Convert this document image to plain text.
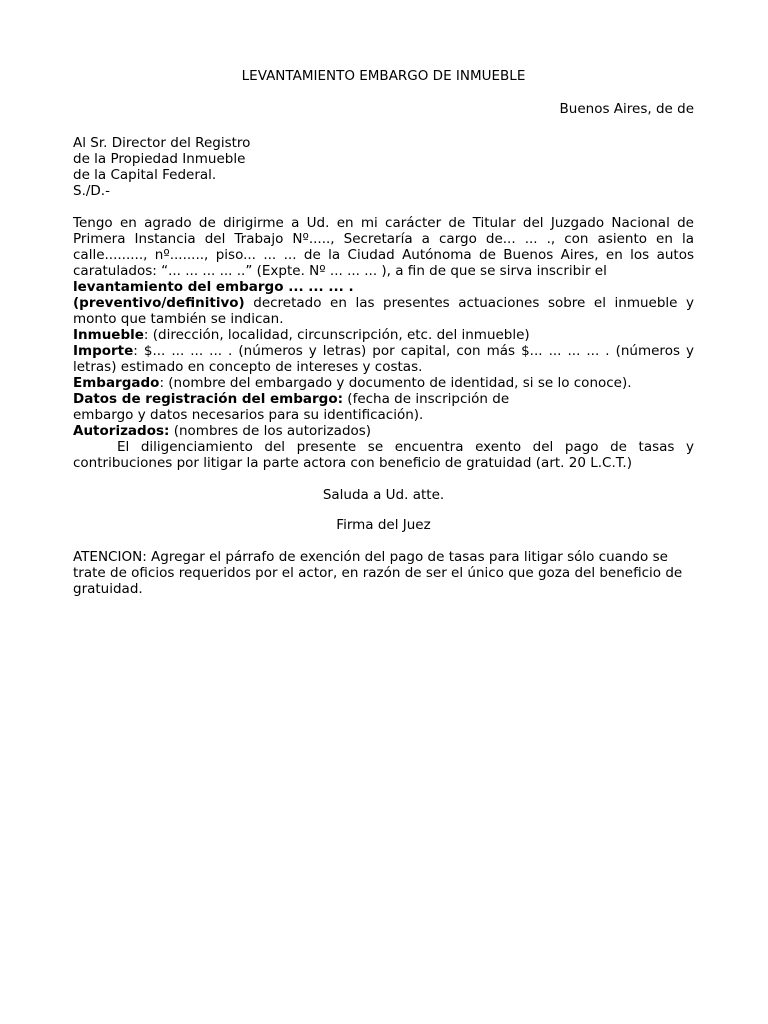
LEVANTAMIENTO EMBARGO DE INMUEBLE
Buenos Aires, de de
Al Sr. Director del Registro
de la Propiedad Inmueble
de la Capital Federal.
S./D.-

Tengo en agrado de dirigirme a Ud. en mi carácter de Titular del Juzgado Nacional de Primera Instancia del Trabajo Nº....., Secretaría a cargo de... ... ., con asiento en la calle........., nº........, piso... ... ... de la Ciudad Autónoma de Buenos Aires, en los autos caratulados: “... ... ... ... ..” (Expte. Nº ... ... ... ), a fin de que se sirva inscribir el
levantamiento del embargo ... ... ... .

(preventivo/definitivo) decretado en las presentes actuaciones sobre el inmueble y monto que también se indican.

Inmueble: (dirección, localidad, circunscripción, etc. del inmueble)

Importe: $... ... ... ... . (números y letras) por capital, con más $... ... ... ... . (números y letras) estimado en concepto de intereses y costas.

Embargado: (nombre del embargado y documento de identidad, si se lo conoce).

Datos de registración del embargo: (fecha de inscripción de
embargo y datos necesarios para su identificación).

Autorizados: (nombres de los autorizados)

El diligenciamiento del presente se encuentra exento del pago de tasas y contribuciones por litigar la parte actora con beneficio de gratuidad (art. 20 L.C.T.)

Saluda a Ud. atte.
Firma del Juez
ATENCION: Agregar el párrafo de exención del pago de tasas para litigar sólo cuando se trate de oficios requeridos por el actor, en razón de ser el único que goza del beneficio de gratuidad.
